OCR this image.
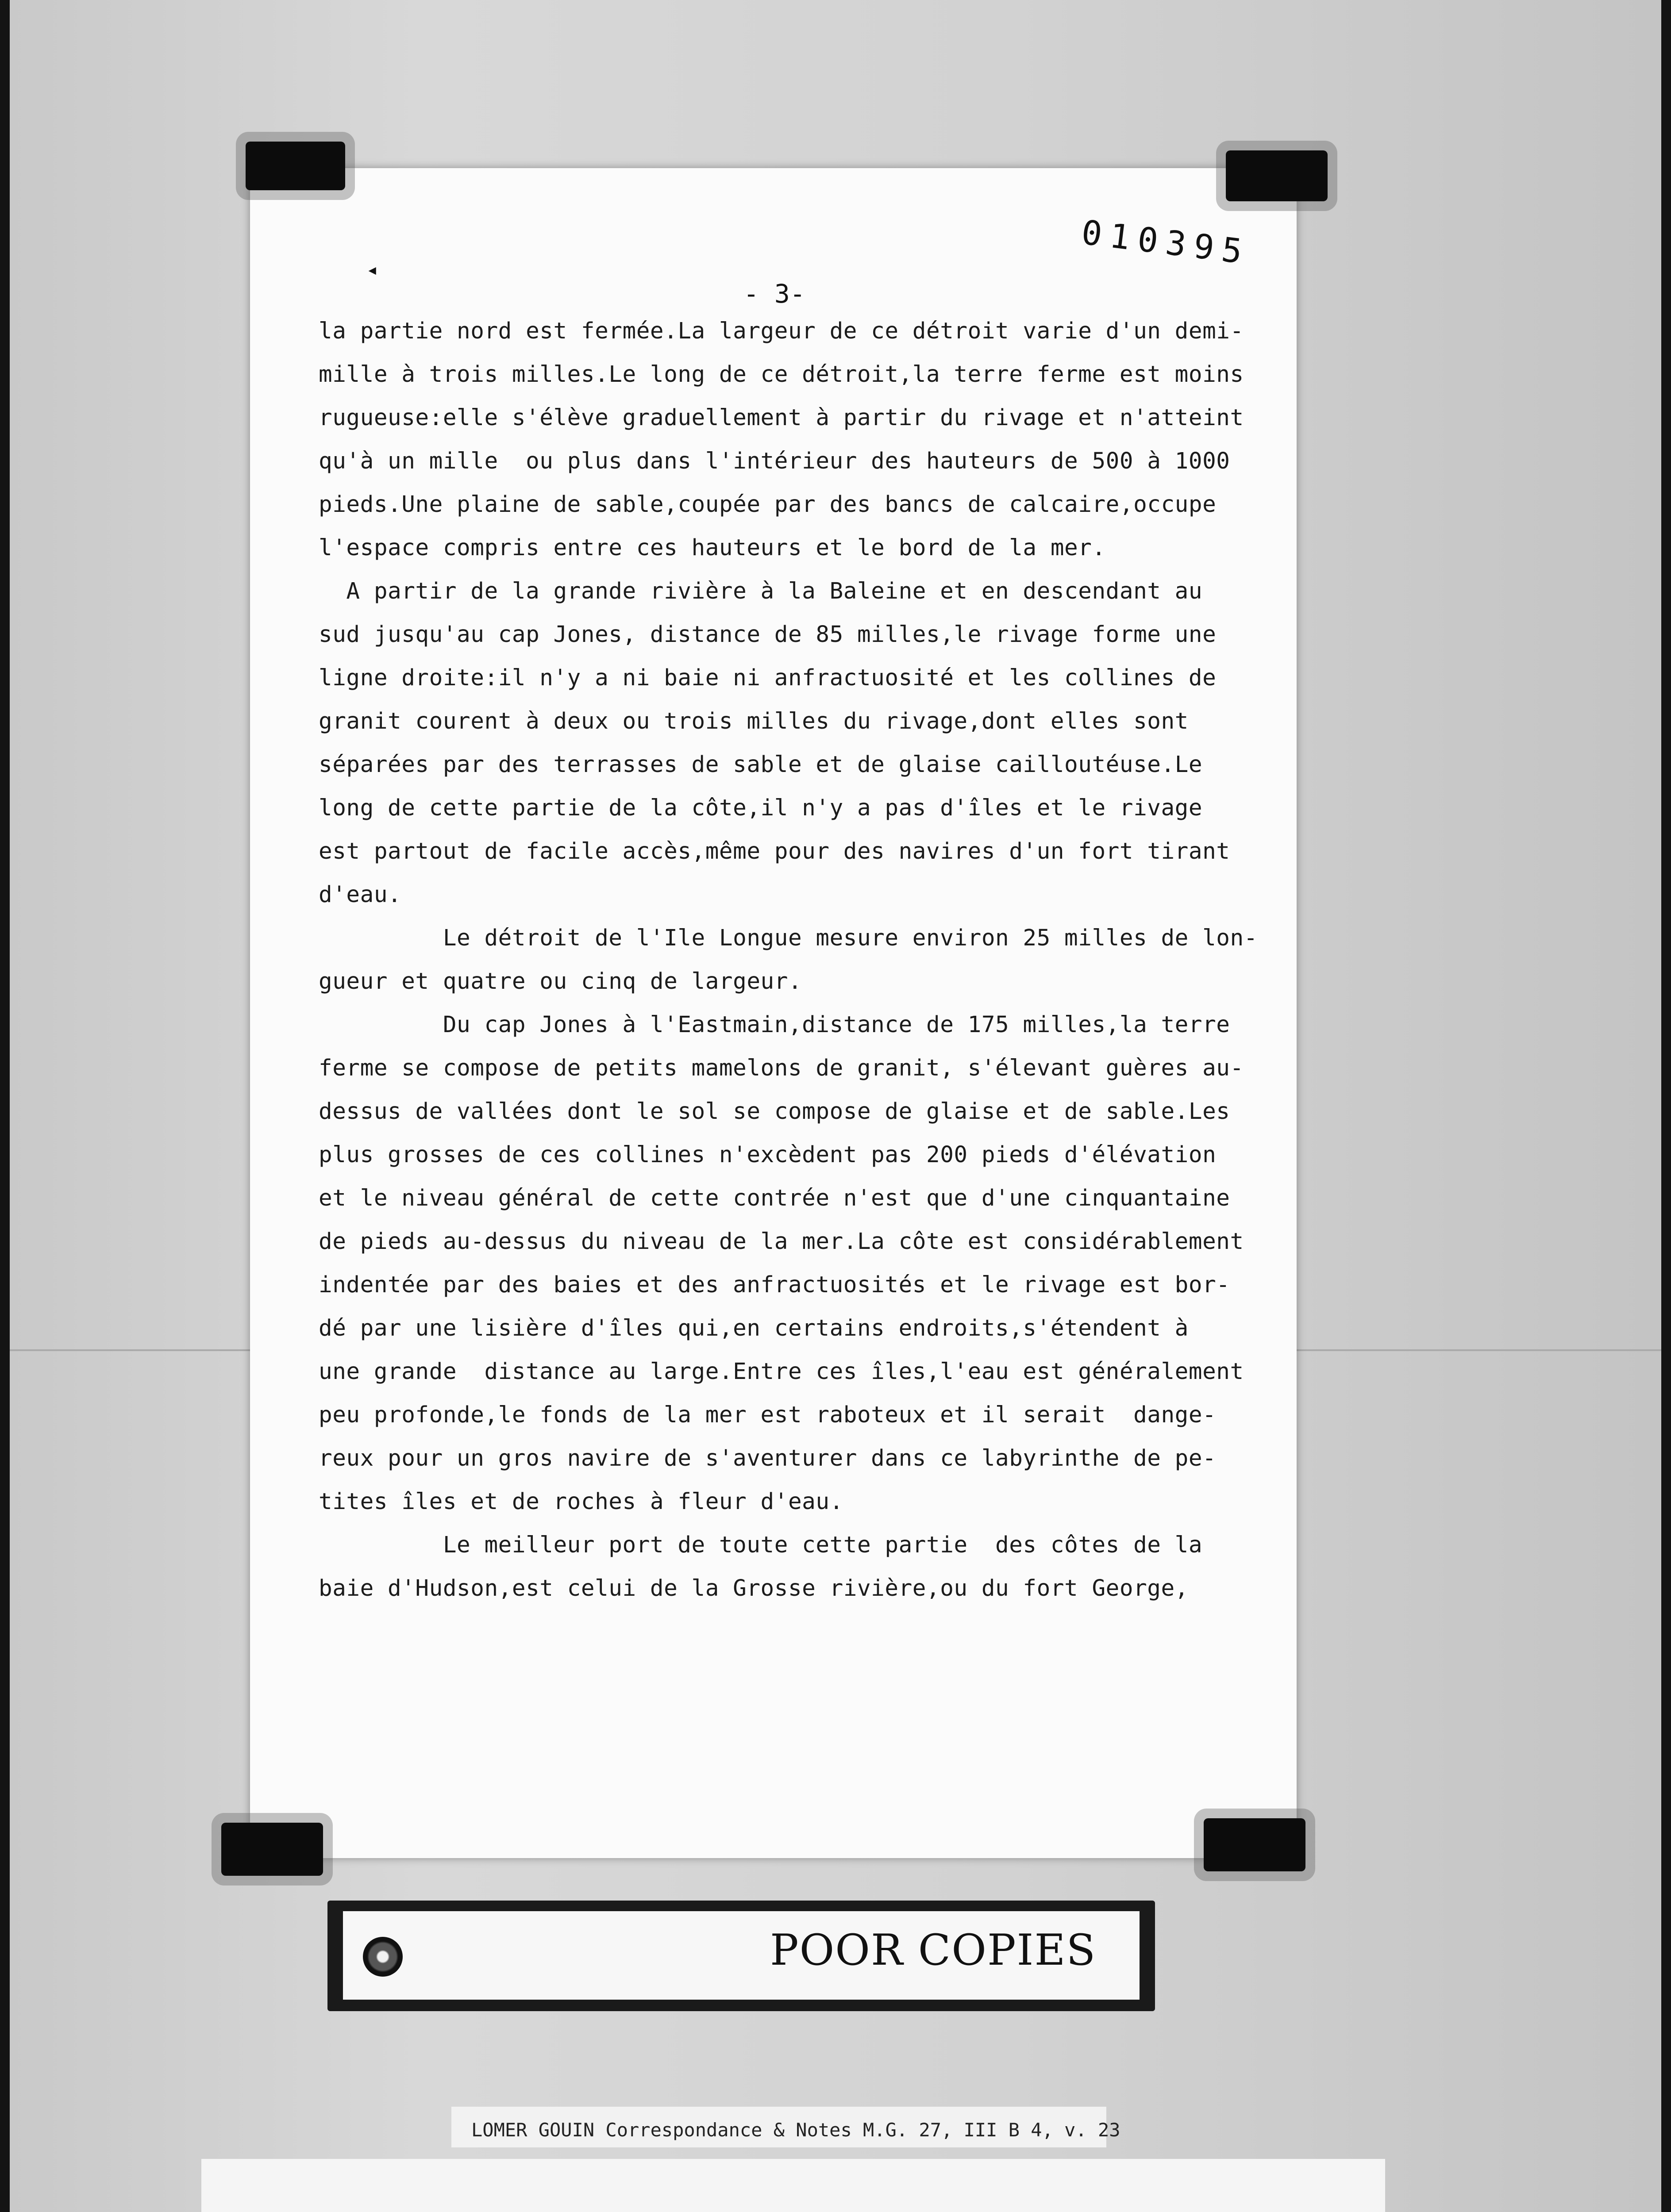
010395
◂
- 3-
la partie nord est fermée.La largeur de ce détroit varie d'un demi-
mille à trois milles.Le long de ce détroit,la terre ferme est moins
rugueuse:elle s'élève graduellement à partir du rivage et n'atteint
qu'à un mille  ou plus dans l'intérieur des hauteurs de 500 à 1000
pieds.Une plaine de sable,coupée par des bancs de calcaire,occupe
l'espace compris entre ces hauteurs et le bord de la mer.
A partir de la grande rivière à la Baleine et en descendant au
sud jusqu'au cap Jones, distance de 85 milles,le rivage forme une
ligne droite:il n'y a ni baie ni anfractuosité et les collines de
granit courent à deux ou trois milles du rivage,dont elles sont
séparées par des terrasses de sable et de glaise cailloutéuse.Le
long de cette partie de la côte,il n'y a pas d'îles et le rivage
est partout de facile accès,même pour des navires d'un fort tirant
d'eau.
Le détroit de l'Ile Longue mesure environ 25 milles de lon-
gueur et quatre ou cinq de largeur.
Du cap Jones à l'Eastmain,distance de 175 milles,la terre
ferme se compose de petits mamelons de granit, s'élevant guères au-
dessus de vallées dont le sol se compose de glaise et de sable.Les
plus grosses de ces collines n'excèdent pas 200 pieds d'élévation
et le niveau général de cette contrée n'est que d'une cinquantaine
de pieds au-dessus du niveau de la mer.La côte est considérablement
indentée par des baies et des anfractuosités et le rivage est bor-
dé par une lisière d'îles qui,en certains endroits,s'étendent à
une grande  distance au large.Entre ces îles,l'eau est généralement
peu profonde,le fonds de la mer est raboteux et il serait  dange-
reux pour un gros navire de s'aventurer dans ce labyrinthe de pe-
tites îles et de roches à fleur d'eau.
Le meilleur port de toute cette partie  des côtes de la
baie d'Hudson,est celui de la Grosse rivière,ou du fort George,
POOR COPIES
LOMER GOUIN Correspondance & Notes M.G. 27, III B 4, v. 23
